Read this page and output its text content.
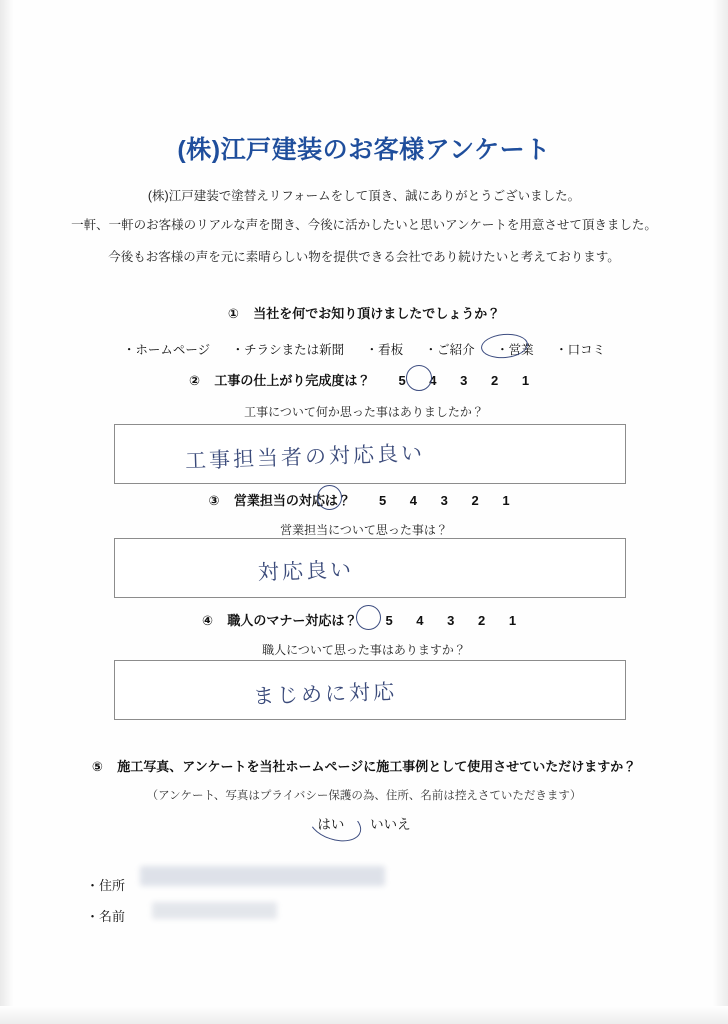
(株)江戸建装のお客様アンケート
(株)江戸建装で塗替えリフォームをして頂き、誠にありがとうございました。
一軒、一軒のお客様のリアルな声を聞き、今後に活かしたいと思いアンケートを用意させて頂きました。
今後もお客様の声を元に素晴らしい物を提供できる会社であり続けたいと考えております。
① 当社を何でお知り頂けましたでしょうか？
・ホームページ ・チラシまたは新聞 ・看板 ・ご紹介 ・営業 ・口コミ
② 工事の仕上がり完成度は？ 5 4 3 2 1
工事について何か思った事はありましたか？
工事担当者の対応良い
③ 営業担当の対応は？ 5 4 3 2 1
営業担当について思った事は？
対応良い
④ 職人のマナー対応は？ 5 4 3 2 1
職人について思った事はありますか？
まじめに対応
⑤ 施工写真、アンケートを当社ホームページに施工事例として使用させていただけますか？
（アンケート、写真はプライバシー保護の為、住所、名前は控えさていただきます）
はい いいえ
・住所
・名前
